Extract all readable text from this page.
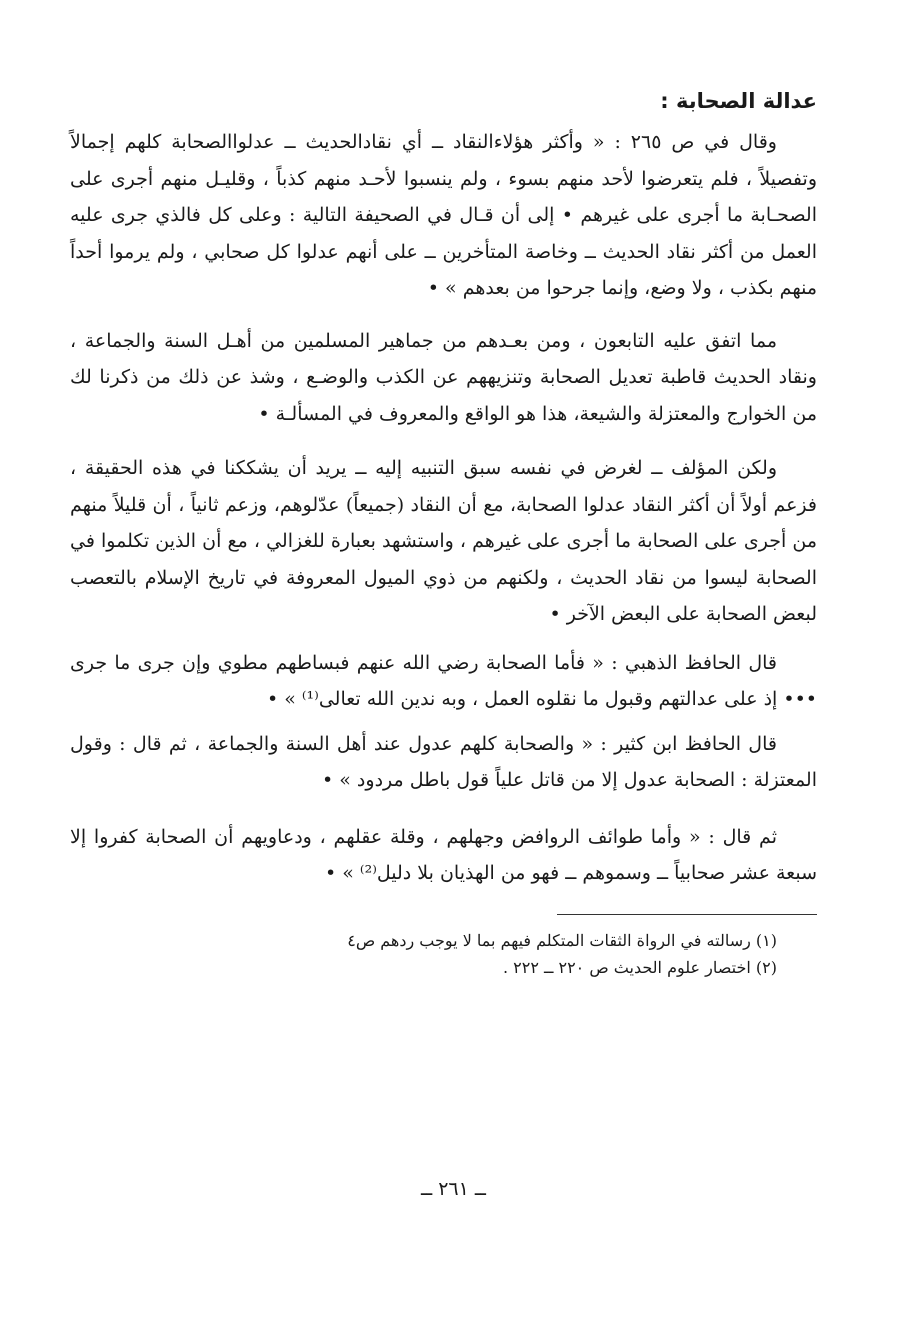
عدالة الصحابة :

وقال في ص ٢٦٥ : « وأكثر هؤلاءالنقاد ــ أي نقادالحديث ــ عدلواالصحابة كلهم إجمالاً وتفصيلاً ، فلم يتعرضوا لأحد منهم بسوء ، ولم ينسبوا لأحـد منهم كذباً ، وقليـل منهم أجرى على الصحـابة ما أجرى على غيرهم • إلى أن قـال في الصحيفة التالية : وعلى كل فالذي جرى عليه العمل من أكثر نقاد الحديث ــ وخاصة المتأخرين ــ على أنهم عدلوا كل صحابي ، ولم يرموا أحداً منهم بكذب ، ولا وضع، وإنما جرحوا من بعدهم » •

مما اتفق عليه التابعون ، ومن بعـدهم من جماهير المسلمين من أهـل السنة والجماعة ، ونقاد الحديث قاطبة تعديل الصحابة وتنزيههم عن الكذب والوضـع ، وشذ عن ذلك من ذكرنا لك من الخوارج والمعتزلة والشيعة، هذا هو الواقع والمعروف في المسألـة •

ولكن المؤلف ــ لغرض في نفسه سبق التنبيه إليه ــ يريد أن يشككنا في هذه الحقيقة ، فزعم أولاً أن أكثر النقاد عدلوا الصحابة، مع أن النقاد (جميعاً) عدّلوهم، وزعم ثانياً ، أن قليلاً منهم من أجرى على الصحابة ما أجرى على غيرهم ، واستشهد بعبارة للغزالي ، مع أن الذين تكلموا في الصحابة ليسوا من نقاد الحديث ، ولكنهم من ذوي الميول المعروفة في تاريخ الإسلام بالتعصب لبعض الصحابة على البعض الآخر •

قال الحافظ الذهبي : « فأما الصحابة رضي الله عنهم فبساطهم مطوي وإن جرى ما جرى ••• إذ على عدالتهم وقبول ما نقلوه العمل ، وبه ندين الله تعالى⁽¹⁾ » •

قال الحافظ ابن كثير : « والصحابة كلهم عدول عند أهل السنة والجماعة ، ثم قال : وقول المعتزلة : الصحابة عدول إلا من قاتل علياً قول باطل مردود » •

ثم قال : « وأما طوائف الروافض وجهلهم ، وقلة عقلهم ، ودعاويهم أن الصحابة كفروا إلا سبعة عشر صحابياً ــ وسموهم ــ فهو من الهذيان بلا دليل⁽²⁾ » •

(١) رسالته في الرواة الثقات المتكلم فيهم بما لا يوجب ردهم ص٤

(٢) اختصار علوم الحديث ص ٢٢٠ ــ ٢٢٢ .

ــ ٢٦١ ــ
